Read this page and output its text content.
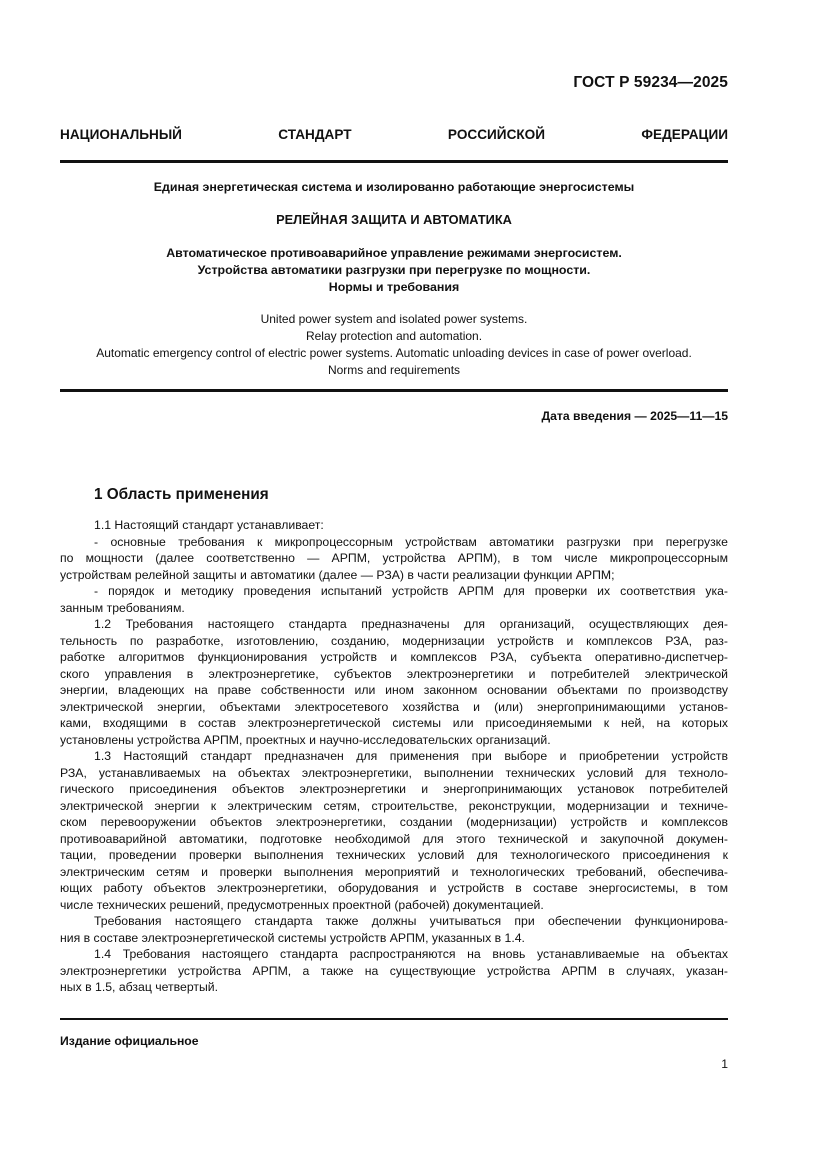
ГОСТ Р 59234—2025
НАЦИОНАЛЬНЫЙ СТАНДАРТ РОССИЙСКОЙ ФЕДЕРАЦИИ
Единая энергетическая система и изолированно работающие энергосистемы
РЕЛЕЙНАЯ ЗАЩИТА И АВТОМАТИКА
Автоматическое противоаварийное управление режимами энергосистем.
Устройства автоматики разгрузки при перегрузке по мощности.
Нормы и требования
United power system and isolated power systems.
Relay protection and automation.
Automatic emergency control of electric power systems. Automatic unloading devices in case of power overload.
Norms and requirements
Дата введения — 2025—11—15
1 Область применения
1.1 Настоящий стандарт устанавливает:
- основные требования к микропроцессорным устройствам автоматики разгрузки при перегрузке
по мощности (далее соответственно — АРПМ, устройства АРПМ), в том числе микропроцессорным
устройствам релейной защиты и автоматики (далее — РЗА) в части реализации функции АРПМ;
- порядок и методику проведения испытаний устройств АРПМ для проверки их соответствия ука-
занным требованиям.
1.2 Требования настоящего стандарта предназначены для организаций, осуществляющих дея-
тельность по разработке, изготовлению, созданию, модернизации устройств и комплексов РЗА, раз-
работке алгоритмов функционирования устройств и комплексов РЗА, субъекта оперативно-диспетчер-
ского управления в электроэнергетике, субъектов электроэнергетики и потребителей электрической
энергии, владеющих на праве собственности или ином законном основании объектами по производству
электрической энергии, объектами электросетевого хозяйства и (или) энергопринимающими установ-
ками, входящими в состав электроэнергетической системы или присоединяемыми к ней, на которых
установлены устройства АРПМ, проектных и научно-исследовательских организаций.
1.3 Настоящий стандарт предназначен для применения при выборе и приобретении устройств
РЗА, устанавливаемых на объектах электроэнергетики, выполнении технических условий для техноло-
гического присоединения объектов электроэнергетики и энергопринимающих установок потребителей
электрической энергии к электрическим сетям, строительстве, реконструкции, модернизации и техниче-
ском перевооружении объектов электроэнергетики, создании (модернизации) устройств и комплексов
противоаварийной автоматики, подготовке необходимой для этого технической и закупочной докумен-
тации, проведении проверки выполнения технических условий для технологического присоединения к
электрическим сетям и проверки выполнения мероприятий и технологических требований, обеспечива-
ющих работу объектов электроэнергетики, оборудования и устройств в составе энергосистемы, в том
числе технических решений, предусмотренных проектной (рабочей) документацией.
Требования настоящего стандарта также должны учитываться при обеспечении функционирова-
ния в составе электроэнергетической системы устройств АРПМ, указанных в 1.4.
1.4 Требования настоящего стандарта распространяются на вновь устанавливаемые на объектах
электроэнергетики устройства АРПМ, а также на существующие устройства АРПМ в случаях, указан-
ных в 1.5, абзац четвертый.
Издание официальное
1
